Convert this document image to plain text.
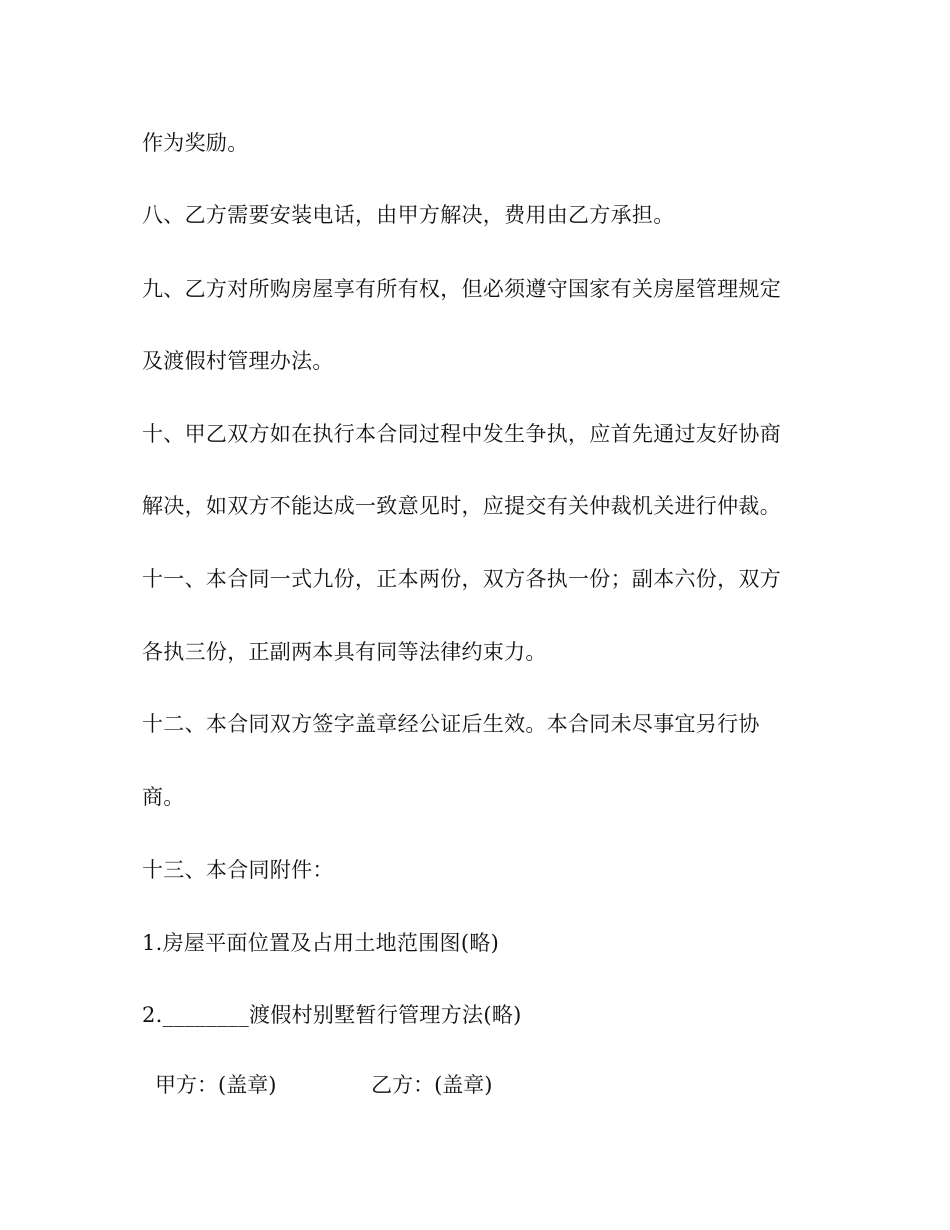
作为奖励。
八、乙方需要安装电话，由甲方解决，费用由乙方承担。
九、乙方对所购房屋享有所有权，但必须遵守国家有关房屋管理规定
及渡假村管理办法。
十、甲乙双方如在执行本合同过程中发生争执，应首先通过友好协商
解决，如双方不能达成一致意见时，应提交有关仲裁机关进行仲裁。
十一、本合同一式九份，正本两份，双方各执一份；副本六份，双方
各执三份，正副两本具有同等法律约束力。
十二、本合同双方签字盖章经公证后生效。本合同未尽事宜另行协
商。
十三、本合同附件：
1.房屋平面位置及占用土地范围图(略)
2.________渡假村别墅暂行管理方法(略)
甲方：(盖章)	乙方：(盖章)
